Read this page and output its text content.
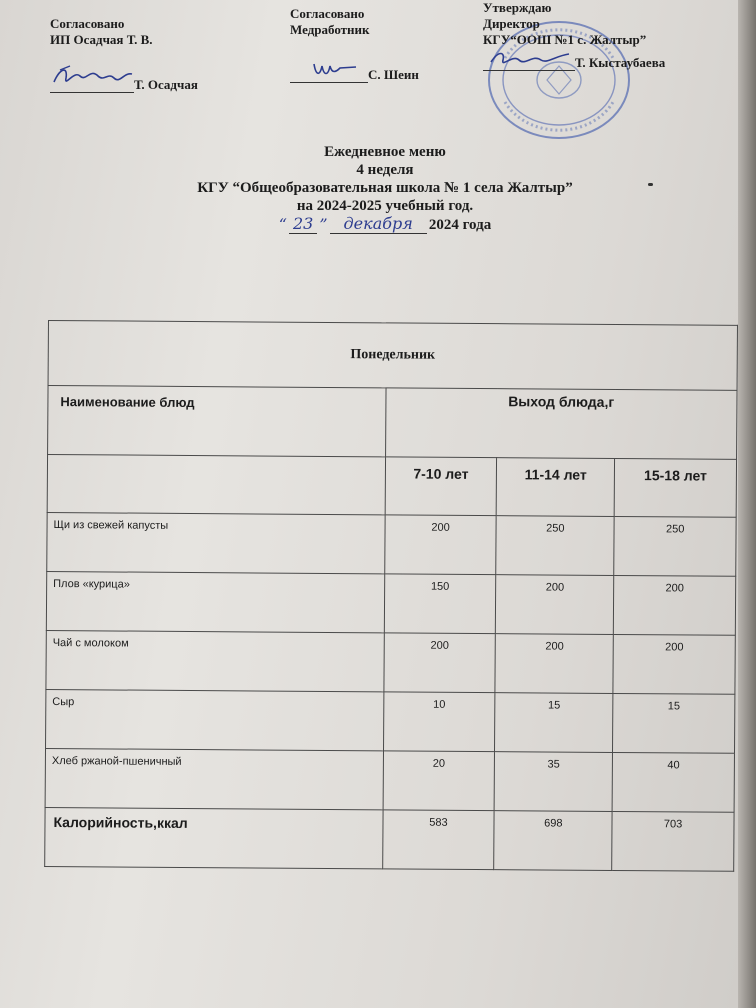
Согласовано
ИП Осадчая Т. В.
Т. Осадчая
Согласовано
Медработник
С. Шеин
Утверждаю
Директор
КГУ“ООШ №1 с. Жалтыр”
Т. Кыстаубаева
Ежедневное меню
4 неделя
КГУ “Общеобразовательная школа № 1 села Жалтыр”
на 2024-2025 учебный год.
“ 23 ”	декабря	2024 года
Понедельник			
Наименование блюд	Выход блюда,г		
	7-10 лет	11-14 лет	15-18 лет
Щи из свежей капусты	200	250	250
Плов «курица»	150	200	200
Чай с молоком	200	200	200
Сыр	10	15	15
Хлеб ржаной-пшеничный	20	35	40
Калорийность,ккал	583	698	703
